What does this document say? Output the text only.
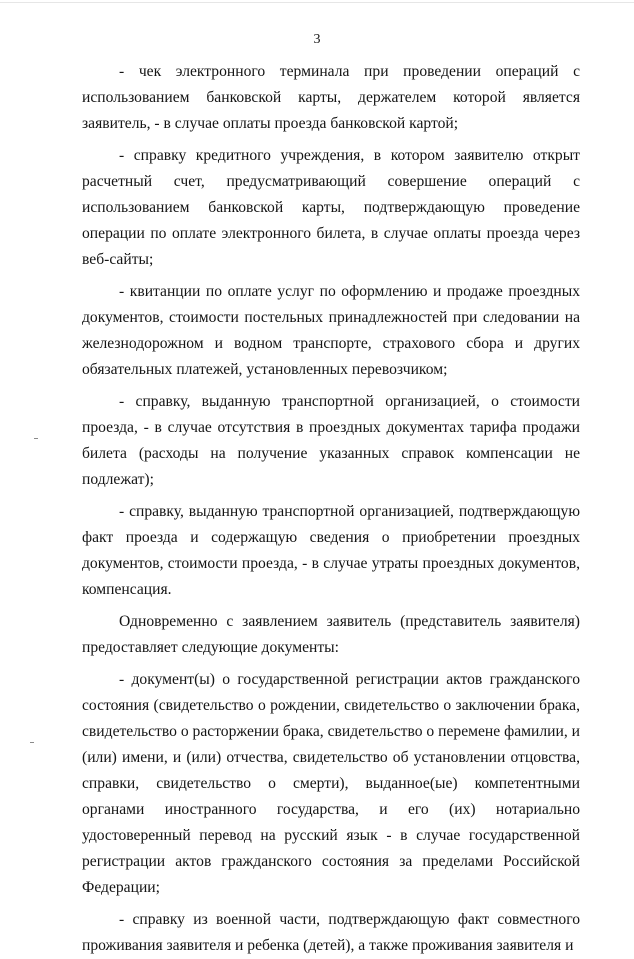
3

- чек электронного терминала при проведении операций с использованием банковской карты, держателем которой является заявитель, - в случае оплаты проезда банковской картой;

- справку кредитного учреждения, в котором заявителю открыт расчетный счет, предусматривающий совершение операций с использованием банковской карты, подтверждающую проведение операции по оплате электронного билета, в случае оплаты проезда через веб-сайты;

- квитанции по оплате услуг по оформлению и продаже проездных документов, стоимости постельных принадлежностей при следовании на железнодорожном и водном транспорте, страхового сбора и других обязательных платежей, установленных перевозчиком;

- справку, выданную транспортной организацией, о стоимости проезда, - в случае отсутствия в проездных документах тарифа продажи билета (расходы на получение указанных справок компенсации не подлежат);

- справку, выданную транспортной организацией, подтверждающую факт проезда и содержащую сведения о приобретении проездных документов, стоимости проезда, - в случае утраты проездных документов, компенсация.

Одновременно с заявлением заявитель (представитель заявителя) предоставляет следующие документы:

- документ(ы) о государственной регистрации актов гражданского состояния (свидетельство о рождении, свидетельство о заключении брака, свидетельство о расторжении брака, свидетельство о перемене фамилии, и (или) имени, и (или) отчества, свидетельство об установлении отцовства, справки, свидетельство о смерти), выданное(ые) компетентными органами иностранного государства, и его (их) нотариально удостоверенный перевод на русский язык - в случае государственной регистрации актов гражданского состояния за пределами Российской Федерации;

- справку из военной части, подтверждающую факт совместного проживания заявителя и ребенка (детей), а также проживания заявителя и
